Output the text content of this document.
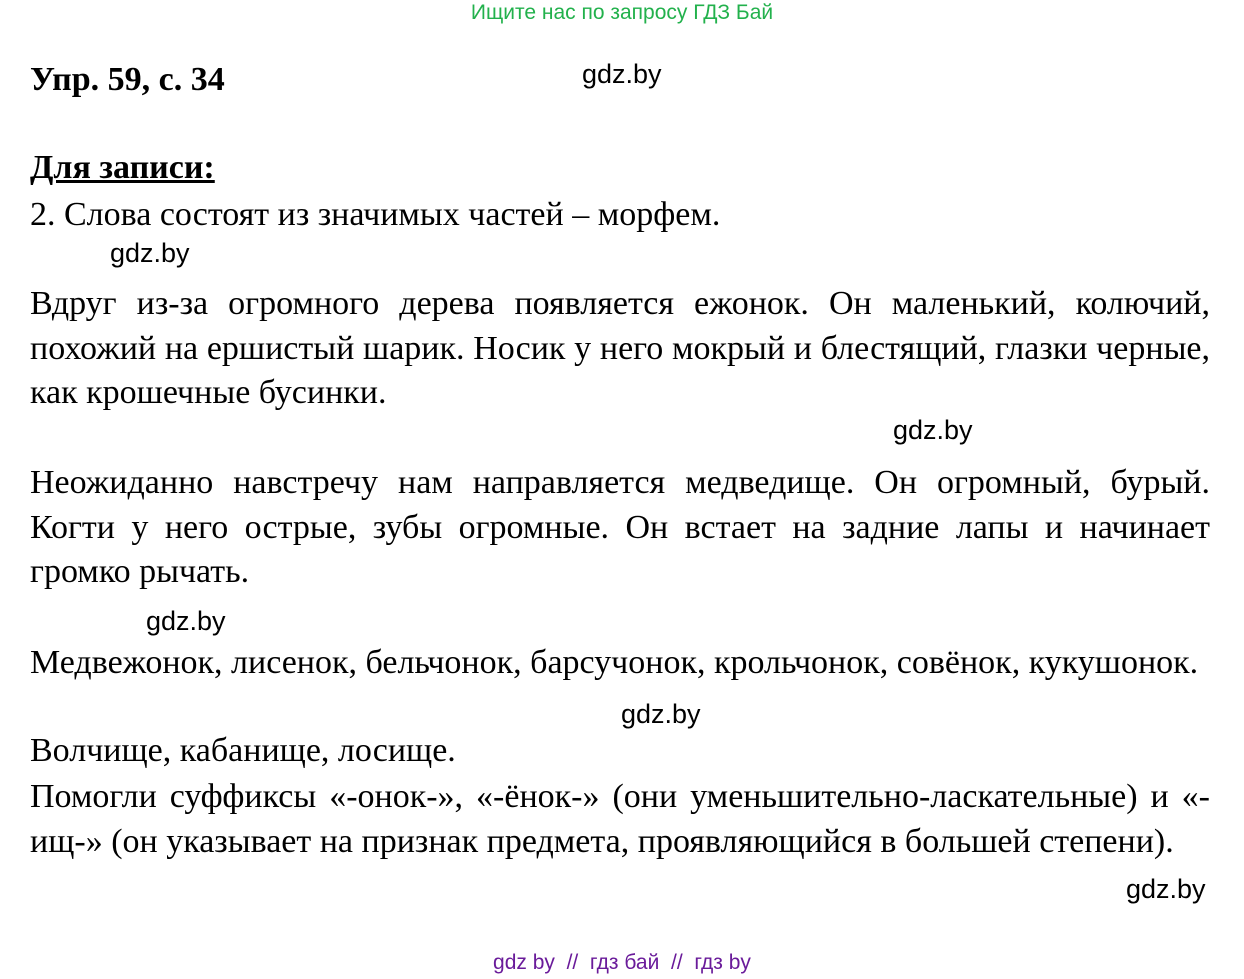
Ищите нас по запросу ГДЗ Бай
Упр. 59, с. 34	gdz.by
Для записи:
2. Слова состоят из значимых частей – морфем.
gdz.by

Вдруг из-за огромного дерева появляется ежонок. Он маленький, колючий, похожий на ершистый шарик. Носик у него мокрый и блестящий, глазки черные, как крошечные бусинки.

gdz.by

Неожиданно навстречу нам направляется медведище. Он огромный, бурый. Когти у него острые, зубы огромные. Он встает на задние лапы и начинает громко рычать.

gdz.by

Медвежонок, лисенок, бельчонок, барсучонок, крольчонок, совёнок, кукушонок.

gdz.by
Волчище, кабанище, лосище.

Помогли суффиксы «-онок-», «-ёнок-» (они уменьшительно-ласкательные) и «-ищ-» (он указывает на признак предмета, проявляющийся в большей степени).

gdz.by
gdz by  //  гдз бай  //  гдз by
